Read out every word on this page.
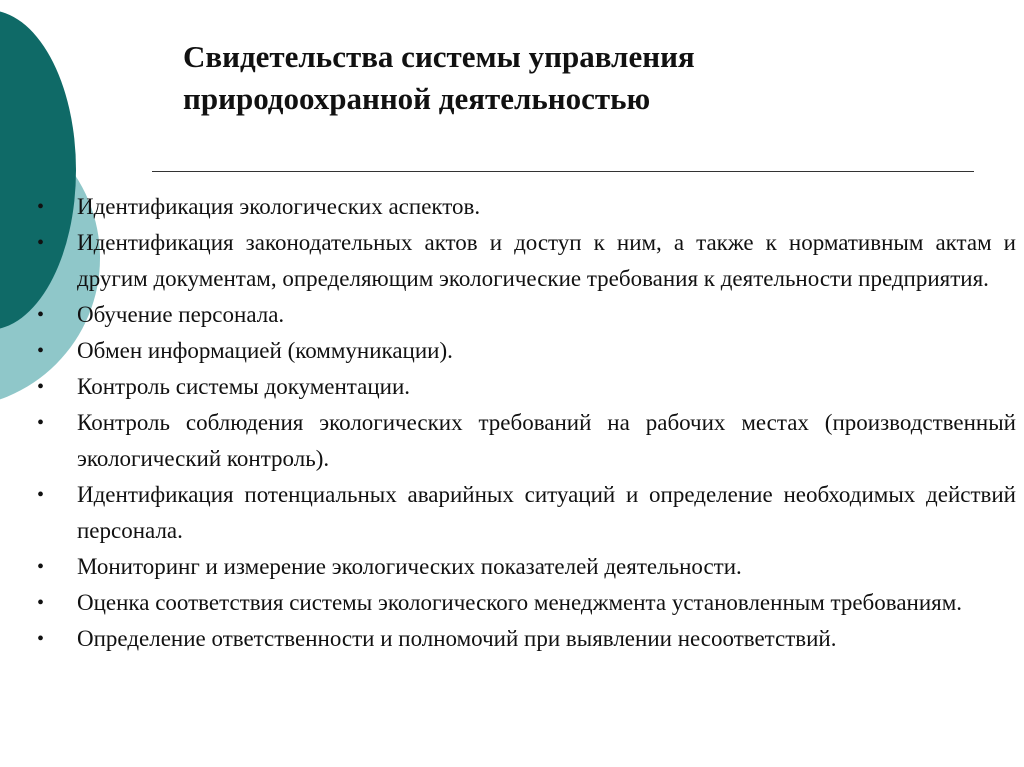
Свидетельства системы управления
природоохранной деятельностью
•	Идентификация экологических аспектов.
•	Идентификация законодательных актов и доступ к ним, а также к нормативным актам и другим документам, определяющим экологические требования к деятельности предприятия.
•	Обучение персонала.
•	Обмен информацией (коммуникации).
•	Контроль системы документации.
•	Контроль соблюдения экологических требований на рабочих местах (производственный экологический контроль).
•	Идентификация потенциальных аварийных ситуаций и определение необходимых действий персонала.
•	Мониторинг и измерение экологических показателей деятельности.
•	Оценка соответствия системы экологического менеджмента установленным требованиям.
•	Определение ответственности и полномочий при выявлении несоответствий.
